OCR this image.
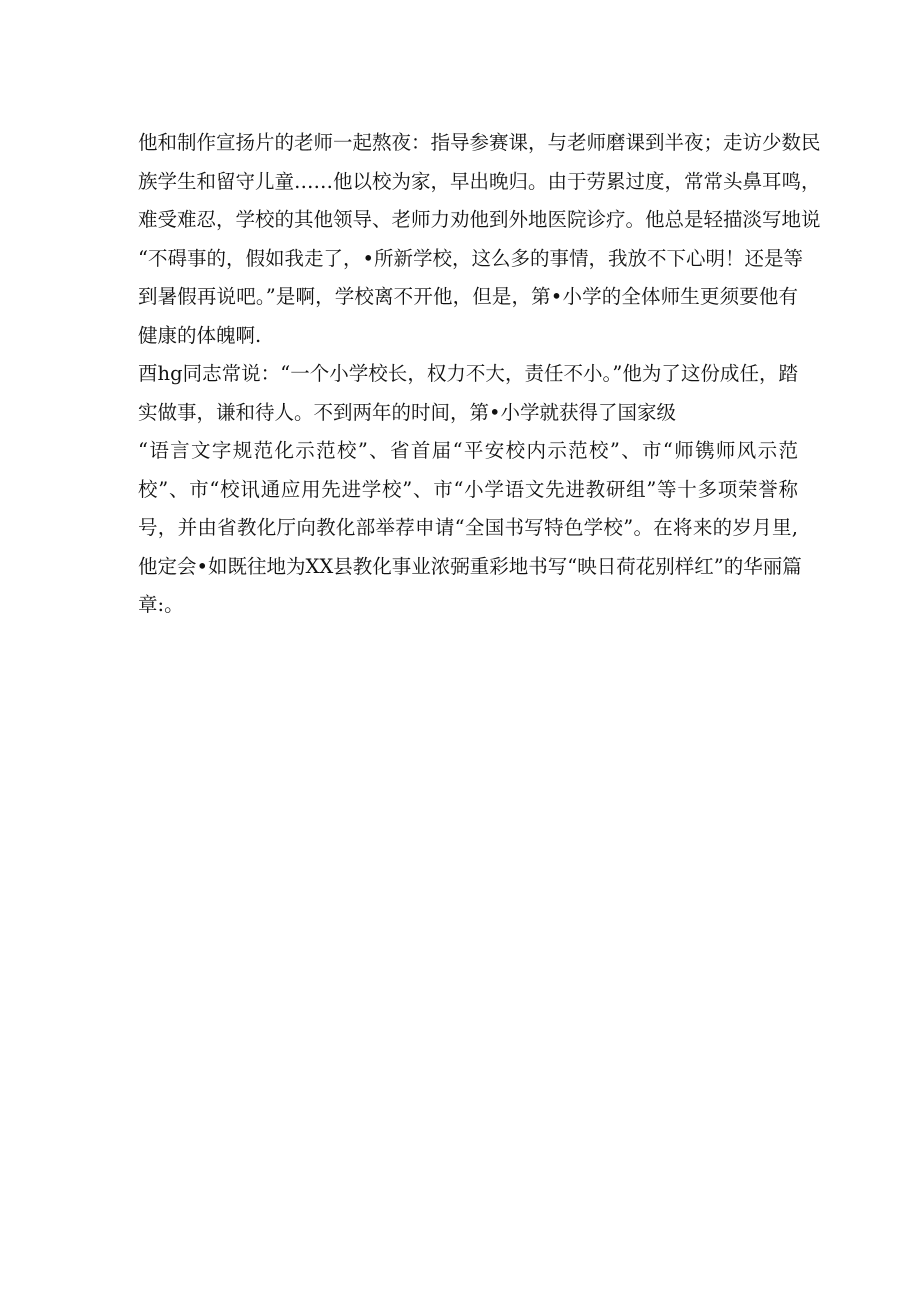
他和制作宣扬片的老师一起熬夜：指导参赛课，与老师磨课到半夜；走访少数民
族学生和留守儿童……他以校为家，早出晚归。由于劳累过度，常常头鼻耳鸣，
难受难忍，学校的其他领导、老师力劝他到外地医院诊疗。他总是轻描淡写地说
“不碍事的，假如我走了，•所新学校，这么多的事情，我放不下心明！还是等
到暑假再说吧。”是啊，学校离不开他，但是，第•小学的全体师生更须要他有
健康的体魄啊.
酉hg同志常说：“一个小学校长，权力不大，责任不小。”他为了这份成任，踏
实做事，谦和待人。不到两年的时间，第•小学就获得了国家级
“语言文字规范化示范校”、省首届“平安校内示范校”、市“师镌师风示范
校”、市“校讯通应用先进学校”、市“小学语文先进教研组”等十多项荣誉称
号，并由省教化厅向教化部举荐申请“全国书写特色学校”。在将来的岁月里,
他定会•如既往地为XX县教化事业浓弼重彩地书写“映日荷花别样红”的华丽篇
章:。
